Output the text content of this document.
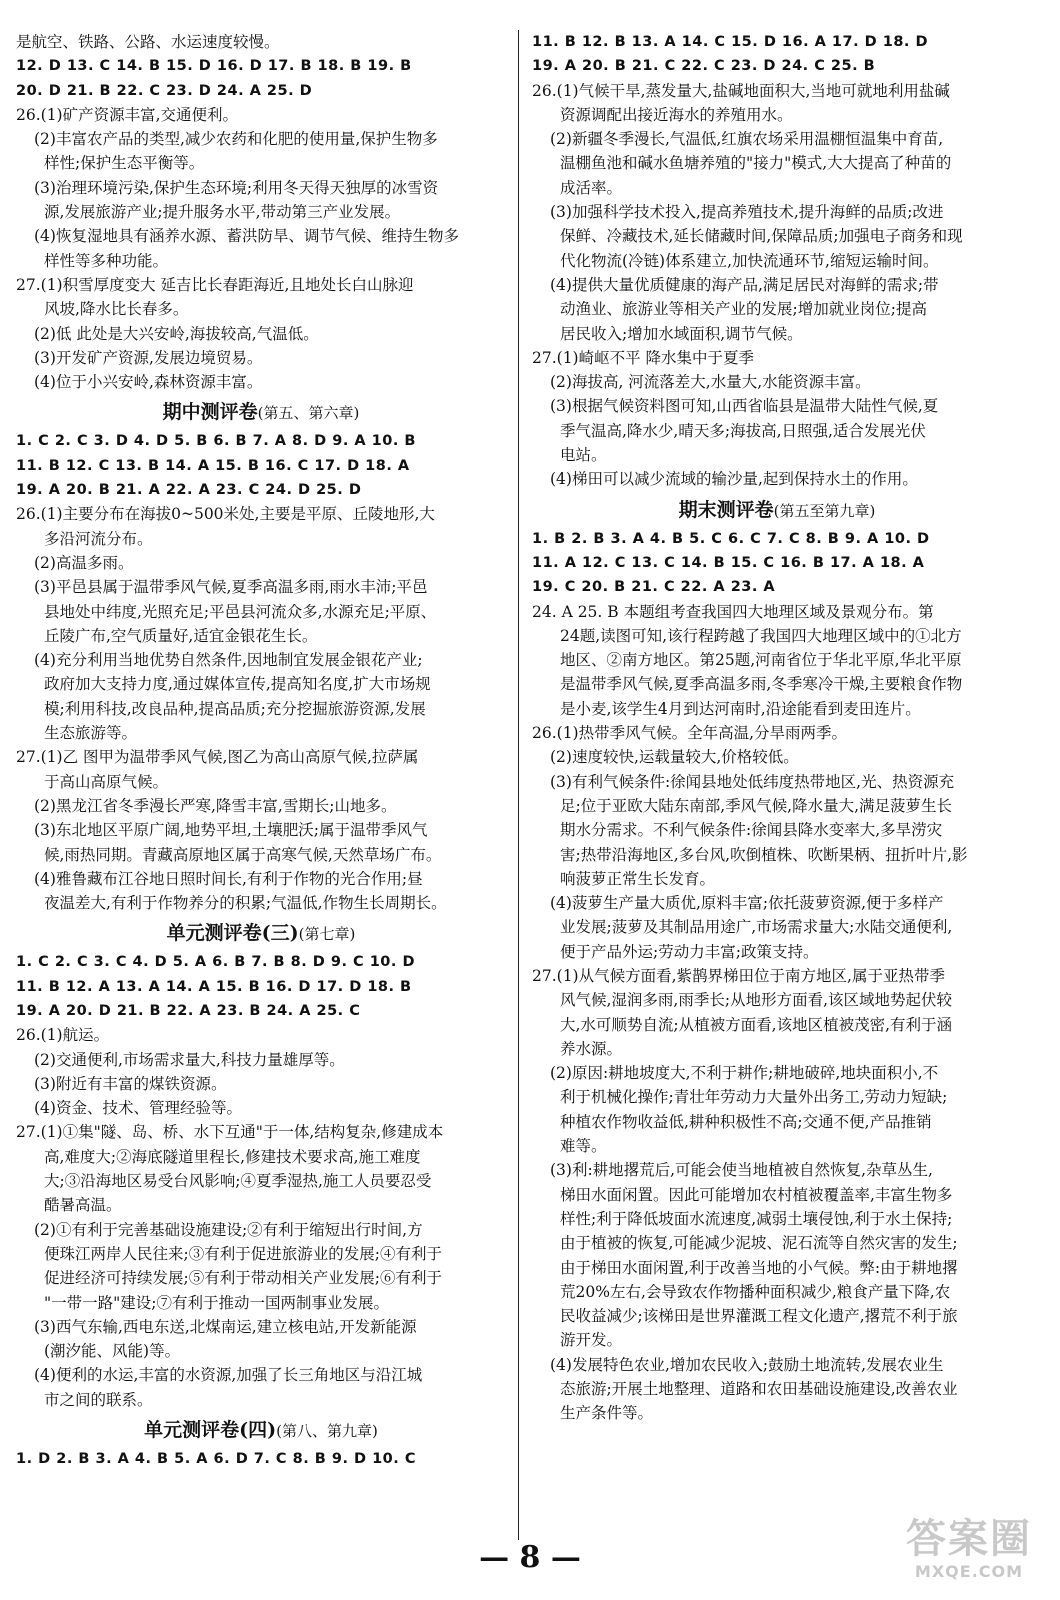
是航空、铁路、公路、水运速度较慢。
12. D 13. C 14. B 15. D 16. D 17. B 18. B 19. B
20. D 21. B 22. C 23. D 24. A 25. D
26.(1)矿产资源丰富,交通便利。
(2)丰富农产品的类型,减少农药和化肥的使用量,保护生物多
样性;保护生态平衡等。
(3)治理环境污染,保护生态环境;利用冬天得天独厚的冰雪资
源,发展旅游产业;提升服务水平,带动第三产业发展。
(4)恢复湿地具有涵养水源、蓄洪防旱、调节气候、维持生物多
样性等多种功能。
27.(1)积雪厚度变大 延吉比长春距海近,且地处长白山脉迎
风坡,降水比长春多。
(2)低 此处是大兴安岭,海拔较高,气温低。
(3)开发矿产资源,发展边境贸易。
(4)位于小兴安岭,森林资源丰富。
期中测评卷(第五、第六章)
1. C 2. C 3. D 4. D 5. B 6. B 7. A 8. D 9. A 10. B
11. B 12. C 13. B 14. A 15. B 16. C 17. D 18. A
19. A 20. B 21. A 22. A 23. C 24. D 25. D
26.(1)主要分布在海拔0~500米处,主要是平原、丘陵地形,大
多沿河流分布。
(2)高温多雨。
(3)平邑县属于温带季风气候,夏季高温多雨,雨水丰沛;平邑
县地处中纬度,光照充足;平邑县河流众多,水源充足;平原、
丘陵广布,空气质量好,适宜金银花生长。
(4)充分利用当地优势自然条件,因地制宜发展金银花产业;
政府加大支持力度,通过媒体宣传,提高知名度,扩大市场规
模;利用科技,改良品种,提高品质;充分挖掘旅游资源,发展
生态旅游等。
27.(1)乙 图甲为温带季风气候,图乙为高山高原气候,拉萨属
于高山高原气候。
(2)黑龙江省冬季漫长严寒,降雪丰富,雪期长;山地多。
(3)东北地区平原广阔,地势平坦,土壤肥沃;属于温带季风气
候,雨热同期。青藏高原地区属于高寒气候,天然草场广布。
(4)雅鲁藏布江谷地日照时间长,有利于作物的光合作用;昼
夜温差大,有利于作物养分的积累;气温低,作物生长周期长。
单元测评卷(三)(第七章)
1. C 2. C 3. C 4. D 5. A 6. B 7. B 8. D 9. C 10. D
11. B 12. A 13. A 14. A 15. B 16. D 17. D 18. B
19. A 20. D 21. B 22. A 23. B 24. A 25. C
26.(1)航运。
(2)交通便利,市场需求量大,科技力量雄厚等。
(3)附近有丰富的煤铁资源。
(4)资金、技术、管理经验等。
27.(1)①集"隧、岛、桥、水下互通"于一体,结构复杂,修建成本
高,难度大;②海底隧道里程长,修建技术要求高,施工难度
大;③沿海地区易受台风影响;④夏季湿热,施工人员要忍受
酷暑高温。
(2)①有利于完善基础设施建设;②有利于缩短出行时间,方
便珠江两岸人民往来;③有利于促进旅游业的发展;④有利于
促进经济可持续发展;⑤有利于带动相关产业发展;⑥有利于
"一带一路"建设;⑦有利于推动一国两制事业发展。
(3)西气东输,西电东送,北煤南运,建立核电站,开发新能源
(潮汐能、风能)等。
(4)便利的水运,丰富的水资源,加强了长三角地区与沿江城
市之间的联系。
单元测评卷(四)(第八、第九章)
1. D 2. B 3. A 4. B 5. A 6. D 7. C 8. B 9. D 10. C
11. B 12. B 13. A 14. C 15. D 16. A 17. D 18. D
19. A 20. B 21. C 22. C 23. D 24. C 25. B
26.(1)气候干旱,蒸发量大,盐碱地面积大,当地可就地利用盐碱
资源调配出接近海水的养殖用水。
(2)新疆冬季漫长,气温低,红旗农场采用温棚恒温集中育苗,
温棚鱼池和碱水鱼塘养殖的"接力"模式,大大提高了种苗的
成活率。
(3)加强科学技术投入,提高养殖技术,提升海鲜的品质;改进
保鲜、冷藏技术,延长储藏时间,保障品质;加强电子商务和现
代化物流(冷链)体系建立,加快流通环节,缩短运输时间。
(4)提供大量优质健康的海产品,满足居民对海鲜的需求;带
动渔业、旅游业等相关产业的发展;增加就业岗位;提高
居民收入;增加水域面积,调节气候。
27.(1)崎岖不平 降水集中于夏季
(2)海拔高, 河流落差大,水量大,水能资源丰富。
(3)根据气候资料图可知,山西省临县是温带大陆性气候,夏
季气温高,降水少,晴天多;海拔高,日照强,适合发展光伏
电站。
(4)梯田可以减少流域的输沙量,起到保持水土的作用。
期末测评卷(第五至第九章)
1. B 2. B 3. A 4. B 5. C 6. C 7. C 8. B 9. A 10. D
11. A 12. C 13. C 14. B 15. C 16. B 17. A 18. A
19. C 20. B 21. C 22. A 23. A
24. A 25. B 本题组考查我国四大地理区域及景观分布。第
24题,读图可知,该行程跨越了我国四大地理区域中的①北方
地区、②南方地区。第25题,河南省位于华北平原,华北平原
是温带季风气候,夏季高温多雨,冬季寒冷干燥,主要粮食作物
是小麦,该学生4月到达河南时,沿途能看到麦田连片。
26.(1)热带季风气候。全年高温,分旱雨两季。
(2)速度较快,运载量较大,价格较低。
(3)有利气候条件:徐闻县地处低纬度热带地区,光、热资源充
足;位于亚欧大陆东南部,季风气候,降水量大,满足菠萝生长
期水分需求。不利气候条件:徐闻县降水变率大,多旱涝灾
害;热带沿海地区,多台风,吹倒植株、吹断果柄、扭折叶片,影
响菠萝正常生长发育。
(4)菠萝生产量大质优,原料丰富;依托菠萝资源,便于多样产
业发展;菠萝及其制品用途广,市场需求量大;水陆交通便利,
便于产品外运;劳动力丰富;政策支持。
27.(1)从气候方面看,紫鹊界梯田位于南方地区,属于亚热带季
风气候,湿润多雨,雨季长;从地形方面看,该区域地势起伏较
大,水可顺势自流;从植被方面看,该地区植被茂密,有利于涵
养水源。
(2)原因:耕地坡度大,不利于耕作;耕地破碎,地块面积小,不
利于机械化操作;青壮年劳动力大量外出务工,劳动力短缺;
种植农作物收益低,耕种积极性不高;交通不便,产品推销
难等。
(3)利:耕地撂荒后,可能会使当地植被自然恢复,杂草丛生,
梯田水面闲置。因此可能增加农村植被覆盖率,丰富生物多
样性;利于降低坡面水流速度,减弱土壤侵蚀,利于水土保持;
由于植被的恢复,可能减少泥坡、泥石流等自然灾害的发生;
由于梯田水面闲置,利于改善当地的小气候。弊:由于耕地撂
荒20%左右,会导致农作物播种面积减少,粮食产量下降,农
民收益减少;该梯田是世界灌溉工程文化遗产,撂荒不利于旅
游开发。
(4)发展特色农业,增加农民收入;鼓励土地流转,发展农业生
态旅游;开展土地整理、道路和农田基础设施建设,改善农业
生产条件等。
— 8 —	答案圈
MXQE.COM
